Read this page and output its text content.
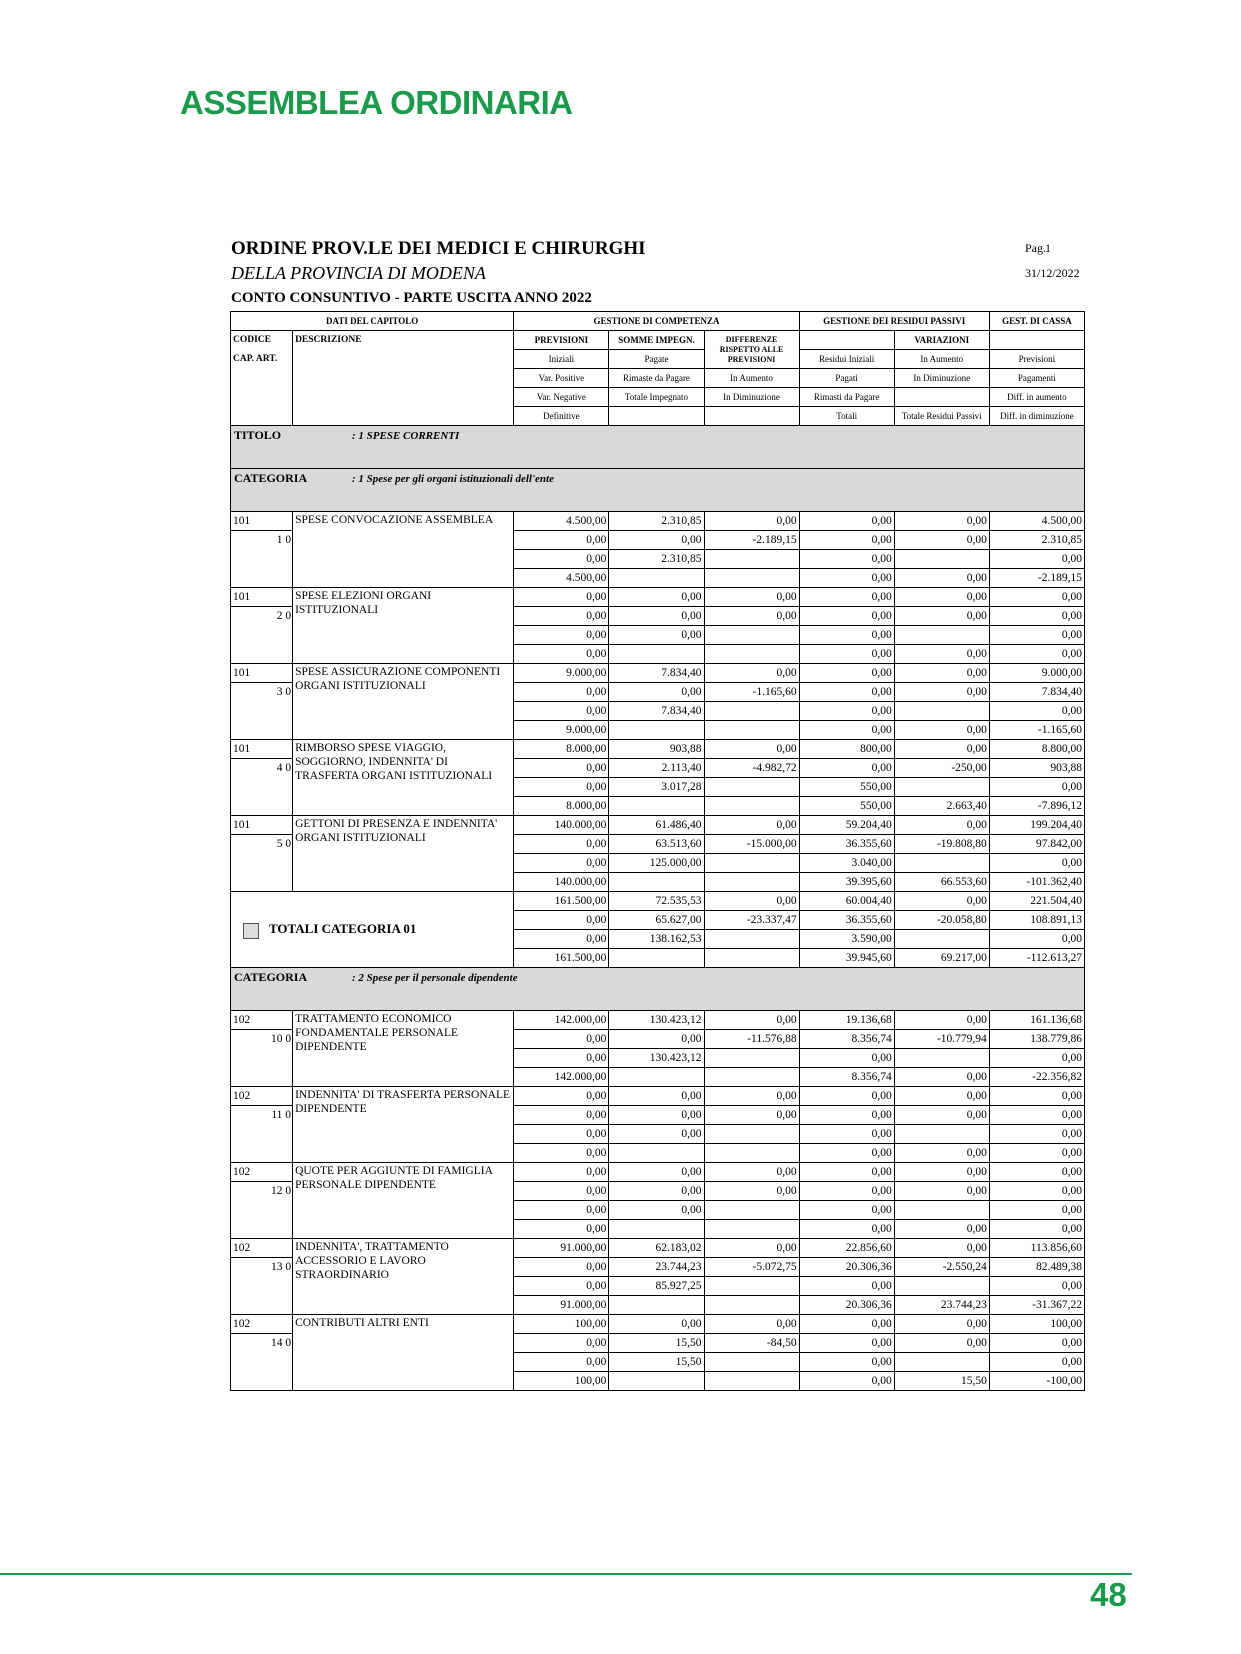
ASSEMBLEA ORDINARIA
ORDINE PROV.LE DEI MEDICI E CHIRURGHI
DELLA PROVINCIA DI MODENA
CONTO CONSUNTIVO - PARTE USCITA ANNO 2022
Pag. 1
31/12/2022
DATI DEL CAPITOLO		GESTIONE DI COMPETENZA			GESTIONE DEI RESIDUI PASSIVI		GEST. DI CASSA
CODICE
CAP. ART.	DESCRIZIONE	PREVISIONI	SOMME IMPEGN.	DIFFERENZE RISPETTO ALLE PREVISIONI		VARIAZIONI	
		Iniziali	Pagate		Residui Iniziali	In Aumento	Previsioni
		Var. Positive	Rimaste da Pagare	In Aumento	Pagati	In Diminuzione	Pagamenti
		Var. Negative	Totale Impegnato	In Diminuzione	Rimasti da Pagare		Diff. in aumento
		Definitive			Totali	Totale Residui Passivi	Diff. in diminuzione
TITOLO : 1 SPESE CORRENTI							
CATEGORIA : 1 Spese per gli organi istituzionali dell'ente							

101
1 0	SPESE CONVOCAZIONE ASSEMBLEA	4.500,00	2.310,85	0,00	0,00	0,00	4.500,00
		0,00	0,00	-2.189,15	0,00	0,00	2.310,85
		0,00	2.310,85		0,00		0,00
		4.500,00			0,00	0,00	-2.189,15

101
2 0	SPESE ELEZIONI ORGANI ISTITUZIONALI	0,00	0,00	0,00	0,00	0,00	0,00
		0,00	0,00	0,00	0,00	0,00	0,00
		0,00	0,00		0,00		0,00
		0,00			0,00	0,00	0,00

101
3 0	SPESE ASSICURAZIONE COMPONENTI ORGANI ISTITUZIONALI	9.000,00	7.834,40	0,00	0,00	0,00	9.000,00
		0,00	0,00	-1.165,60	0,00	0,00	7.834,40
		0,00	7.834,40		0,00		0,00
		9.000,00			0,00	0,00	-1.165,60

101
4 0	RIMBORSO SPESE VIAGGIO, SOGGIORNO, INDENNITA' DI TRASFERTA ORGANI ISTITUZIONALI	8.000,00	903,88	0,00	800,00	0,00	8.800,00
		0,00	2.113,40	-4.982,72	0,00	-250,00	903,88
		0,00	3.017,28		550,00		0,00
		8.000,00			550,00	2.663,40	-7.896,12

101
5 0	GETTONI DI PRESENZA E INDENNITA' ORGANI ISTITUZIONALI	140.000,00	61.486,40	0,00	59.204,40	0,00	199.204,40
		0,00	63.513,60	-15.000,00	36.355,60	-19.808,80	97.842,00
		0,00	125.000,00		3.040,00		0,00
		140.000,00			39.395,60	66.553,60	-101.362,40
TOTALI CATEGORIA 01		161.500,00	72.535,53	0,00	60.004,40	0,00	221.504,40
		0,00	65.627,00	-23.337,47	36.355,60	-20.058,80	108.891,13
		0,00	138.162,53		3.590,00		0,00
		161.500,00			39.945,60	69.217,00	-112.613,27
CATEGORIA : 2 Spese per il personale dipendente							

102
10 0	TRATTAMENTO ECONOMICO FONDAMENTALE PERSONALE DIPENDENTE	142.000,00	130.423,12	0,00	19.136,68	0,00	161.136,68
		0,00	0,00	-11.576,88	8.356,74	-10.779,94	138.779,86
		0,00	130.423,12		0,00		0,00
		142.000,00			8.356,74	0,00	-22.356,82

102
11 0	INDENNITA' DI TRASFERTA PERSONALE DIPENDENTE	0,00	0,00	0,00	0,00	0,00	0,00
		0,00	0,00	0,00	0,00	0,00	0,00
		0,00	0,00		0,00		0,00
		0,00			0,00	0,00	0,00

102
12 0	QUOTE PER AGGIUNTE DI FAMIGLIA PERSONALE DIPENDENTE	0,00	0,00	0,00	0,00	0,00	0,00
		0,00	0,00	0,00	0,00	0,00	0,00
		0,00	0,00		0,00		0,00
		0,00			0,00	0,00	0,00

102
13 0	INDENNITA', TRATTAMENTO ACCESSORIO E LAVORO STRAORDINARIO	91.000,00	62.183,02	0,00	22.856,60	0,00	113.856,60
		0,00	23.744,23	-5.072,75	20.306,36	-2.550,24	82.489,38
		0,00	85.927,25		0,00		0,00
		91.000,00			20.306,36	23.744,23	-31.367,22

102
14 0	CONTRIBUTI ALTRI ENTI	100,00	0,00	0,00	0,00	0,00	100,00
		0,00	15,50	-84,50	0,00	0,00	0,00
		0,00	15,50		0,00		0,00
		100,00			0,00	15,50	-100,00
48
